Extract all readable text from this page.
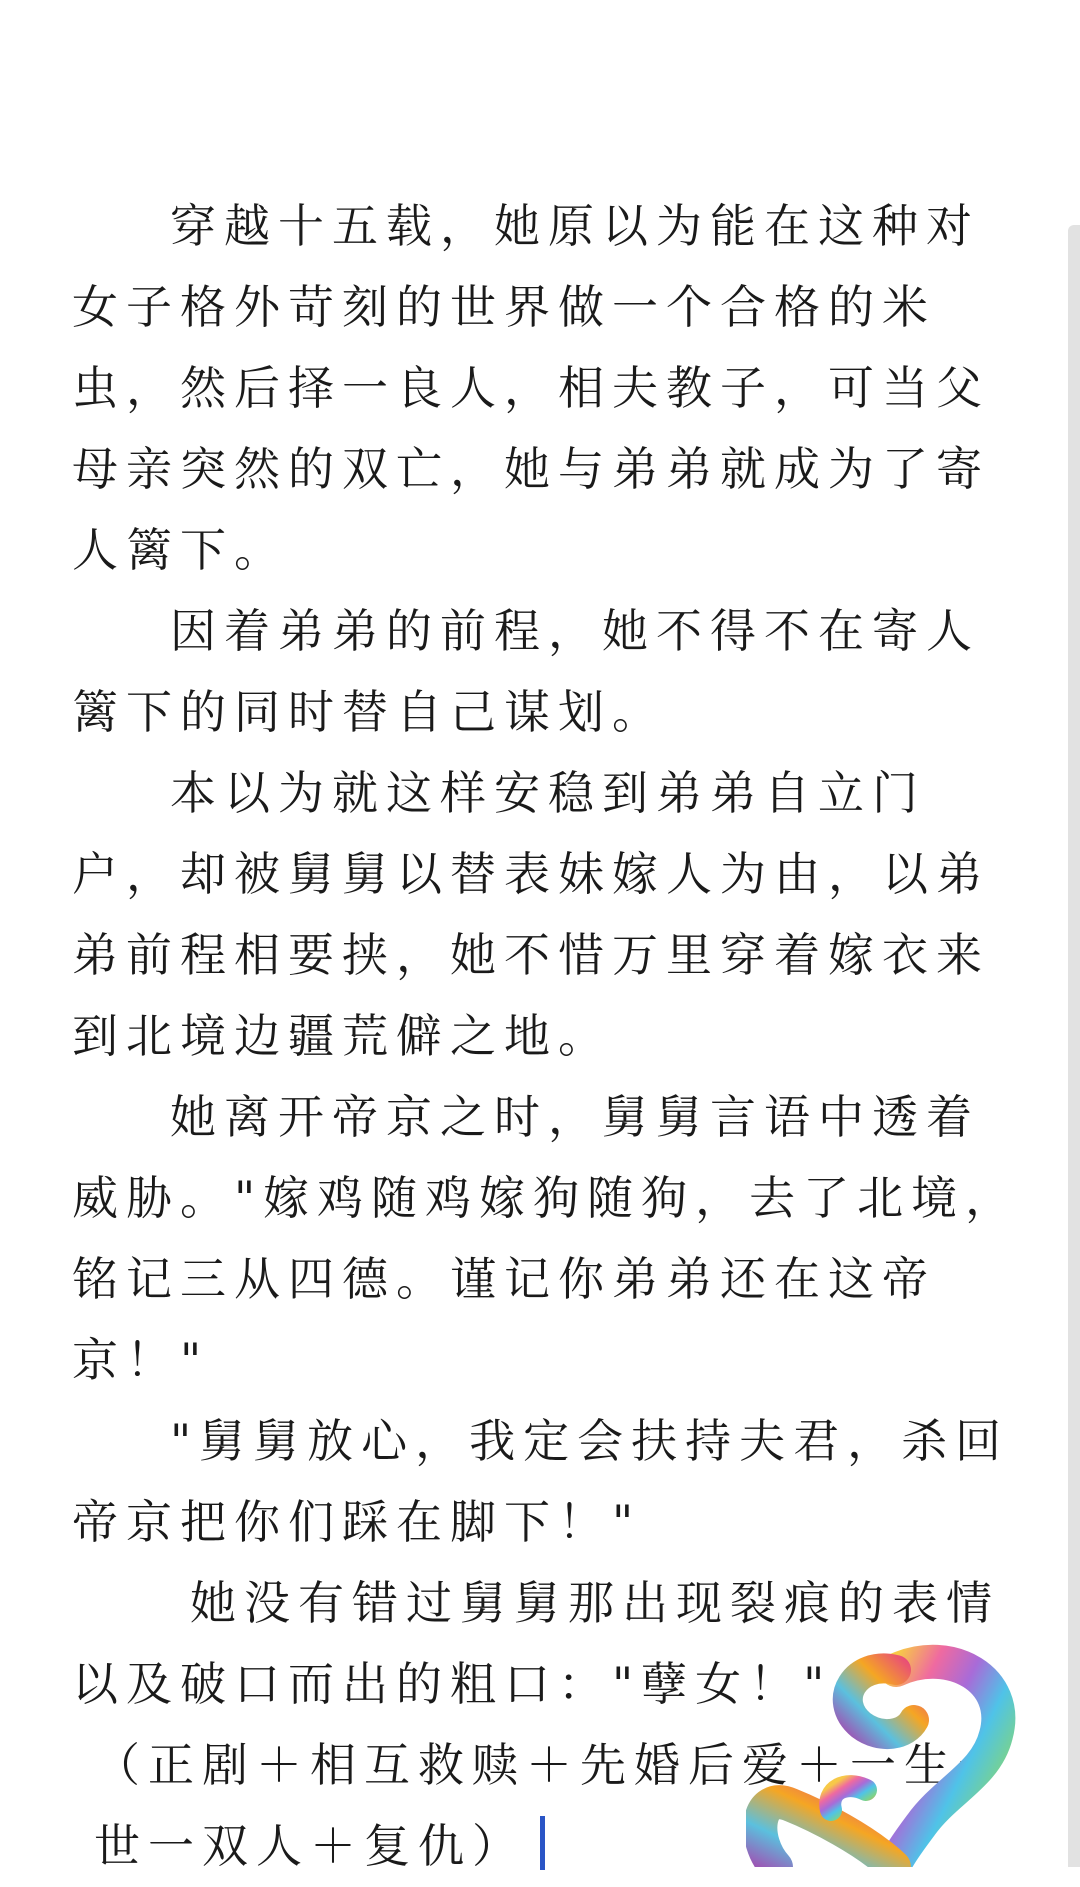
穿越十五载，她原以为能在这种对女子格外苛刻的世界做一个合格的米虫，然后择一良人，相夫教子，可当父母亲突然的双亡，她与弟弟就成为了寄人篱下。

因着弟弟的前程，她不得不在寄人篱下的同时替自己谋划。

本以为就这样安稳到弟弟自立门户，却被舅舅以替表妹嫁人为由，以弟弟前程相要挟，她不惜万里穿着嫁衣来到北境边疆荒僻之地。

她离开帝京之时，舅舅言语中透着威胁。"嫁鸡随鸡嫁狗随狗，去了北境，铭记三从四德。谨记你弟弟还在这帝京！"

"舅舅放心，我定会扶持夫君，杀回帝京把你们踩在脚下！"

她没有错过舅舅那出现裂痕的表情以及破口而出的粗口："孽女！"

（正剧＋相互救赎＋先婚后爱＋一生一世一双人＋复仇）
